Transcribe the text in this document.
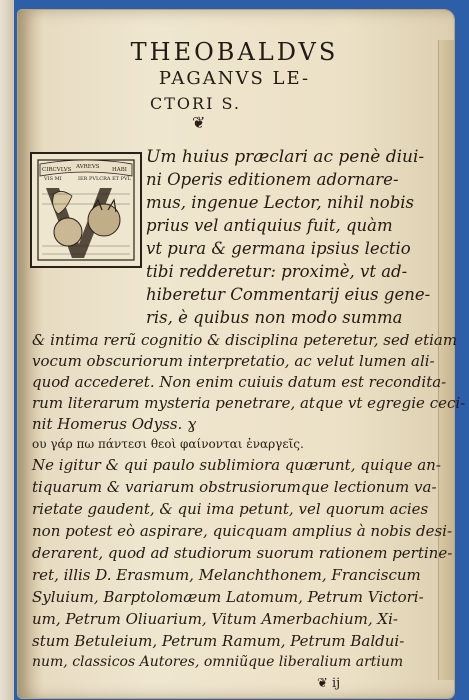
THEOBALDVS
PAGANVS LE-
CTORI S.
❦
CIRCVLVS AVREVS HABI
VIS MI	IER PVLCRA ET PVL
Um huius præclari ac penè diui-
ni Operis editionem adornare-
mus, ingenue Lector, nihil nobis
prius vel antiquius fuit, quàm
vt pura & germana ipsius lectio
tibi redderetur: proximè, vt ad-
hiberetur Commentarij eius gene-
ris, è quibus non modo summa
& intima rerũ cognitio & disciplina peteretur, sed etiam
vocum obscuriorum interpretatio, ac velut lumen ali-
quod accederet. Non enim cuiuis datum est recondita-
ου γάρ πω πάντεσι θεοὶ φαίνονται ἐναργεῖς.
Ne igitur & qui paulo sublimiora quærunt, quique an-
tiquarum & variarum obstrusiorumque lectionum va-
rietate gaudent, & qui ima petunt, vel quorum acies
non potest eò aspirare, quicquam amplius à nobis desi-
derarent, quod ad studiorum suorum rationem pertine-
ret, illis D. Erasmum, Melanchthonem, Franciscum
Syluium, Barptolomæum Latomum, Petrum Victori-
um, Petrum Oliuarium, Vitum Amerbachium, Xi-
stum Betuleium, Petrum Ramum, Petrum Baldui-
num, classicos Autores, omniũque liberalium artium
❦ ij
rum literarum mysteria penetrare, atque vt egregie ceci-
nit Homerus Odyss. ɣ
